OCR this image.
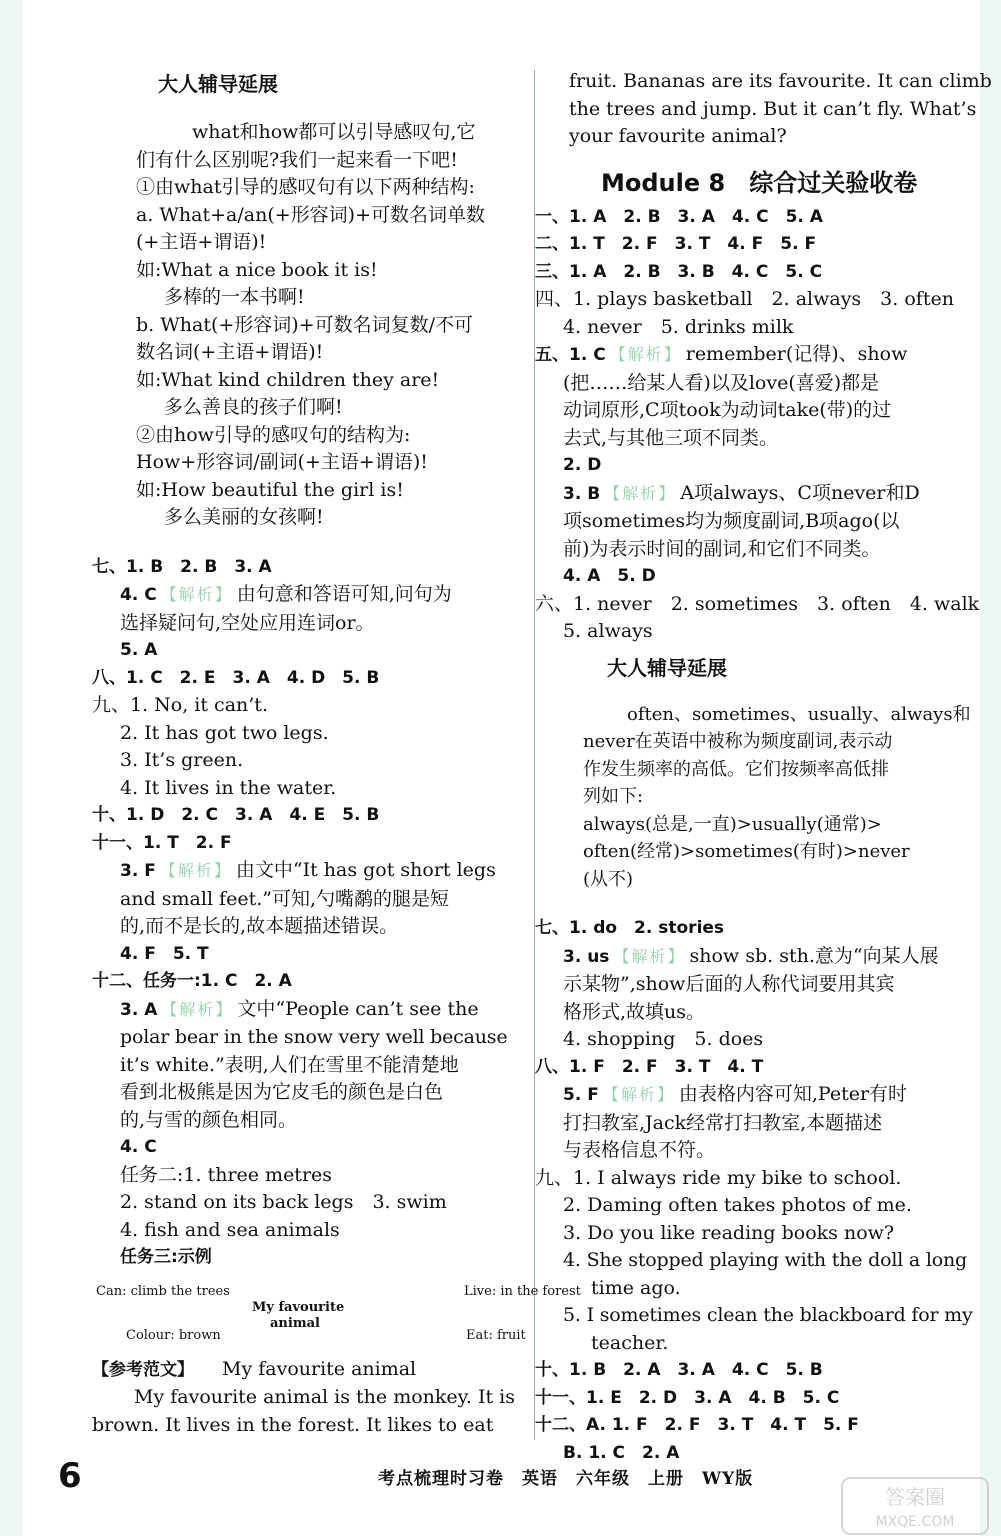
大人辅导延展
what和how都可以引导感叹句,它
们有什么区别呢?我们一起来看一下吧!
①由what引导的感叹句有以下两种结构:
a. What+a/an(+形容词)+可数名词单数
(+主语+谓语)!
如:What a nice book it is!
多棒的一本书啊!
b. What(+形容词)+可数名词复数/不可
数名词(+主语+谓语)!
如:What kind children they are!
多么善良的孩子们啊!
②由how引导的感叹句的结构为:
How+形容词/副词(+主语+谓语)!
如:How beautiful the girl is!
多么美丽的女孩啊!
七、1. B　2. B　3. A
4. C 【 解析 】 由句意和答语可知,问句为
选择疑问句,空处应用连词or。
5. A
八、1. C　2. E　3. A　4. D　5. B
九、1. No, it can’t.
2. It has got two legs.
3. It’s green.
4. It lives in the water.
十、1. D　2. C　3. A　4. E　5. B
十一、1. T　2. F
3. F 【 解析 】 由文中“It has got short legs
and small feet.”可知,勺嘴鹬的腿是短
的,而不是长的,故本题描述错误。
4. F　5. T
十二、任务一:1. C　2. A
3. A 【 解析 】 文中“People can’t see the
polar bear in the snow very well because
it’s white.”表明,人们在雪里不能清楚地
看到北极熊是因为它皮毛的颜色是白色
的,与雪的颜色相同。
4. C
任务二:1. three metres
2. stand on its back legs　3. swim
4. fish and sea animals
任务三:示例
Can: climb the trees	Live: in the forest
My favourite
animal
Colour: brown	Eat: fruit
【参考范文】 My favourite animal
My favourite animal is the monkey. It is
brown. It lives in the forest. It likes to eat
fruit. Bananas are its favourite. It can climb
the trees and jump. But it can’t fly. What’s
your favourite animal?
Module 8　综合过关验收卷
一、1. A　2. B　3. A　4. C　5. A
二、1. T　2. F　3. T　4. F　5. F
三、1. A　2. B　3. B　4. C　5. C
四、1. plays basketball　2. always　3. often
4. never　5. drinks milk
五、1. C 【 解析 】 remember(记得)、show
(把……给某人看)以及love(喜爱)都是
动词原形,C项took为动词take(带)的过
去式,与其他三项不同类。
2. D
3. B 【 解析 】 A项always、C项never和D
项sometimes均为频度副词,B项ago(以
前)为表示时间的副词,和它们不同类。
4. A　5. D
六、1. never　2. sometimes　3. often　4. walk
5. always
大人辅导延展
often、sometimes、usually、always和
never在英语中被称为频度副词,表示动
作发生频率的高低。它们按频率高低排
列如下:
always(总是,一直)>usually(通常)>
often(经常)>sometimes(有时)>never
(从不)
七、1. do　2. stories
3. us 【 解析 】 show sb. sth.意为“向某人展
示某物”,show后面的人称代词要用其宾
格形式,故填us。
4. shopping　5. does
八、1. F　2. F　3. T　4. T
5. F 【 解析 】 由表格内容可知,Peter有时
打扫教室,Jack经常打扫教室,本题描述
与表格信息不符。
九、1. I always ride my bike to school.
2. Daming often takes photos of me.
3. Do you like reading books now?
4. She stopped playing with the doll a long
time ago.
5. I sometimes clean the blackboard for my
teacher.
十、1. B　2. A　3. A　4. C　5. B
十一、1. E　2. D　3. A　4. B　5. C
十二、A. 1. F　2. F　3. T　4. T　5. F
B. 1. C　2. A
6	考点梳理时习卷　英语　六年级　上册　WY版
答案圈
MXQE.COM
